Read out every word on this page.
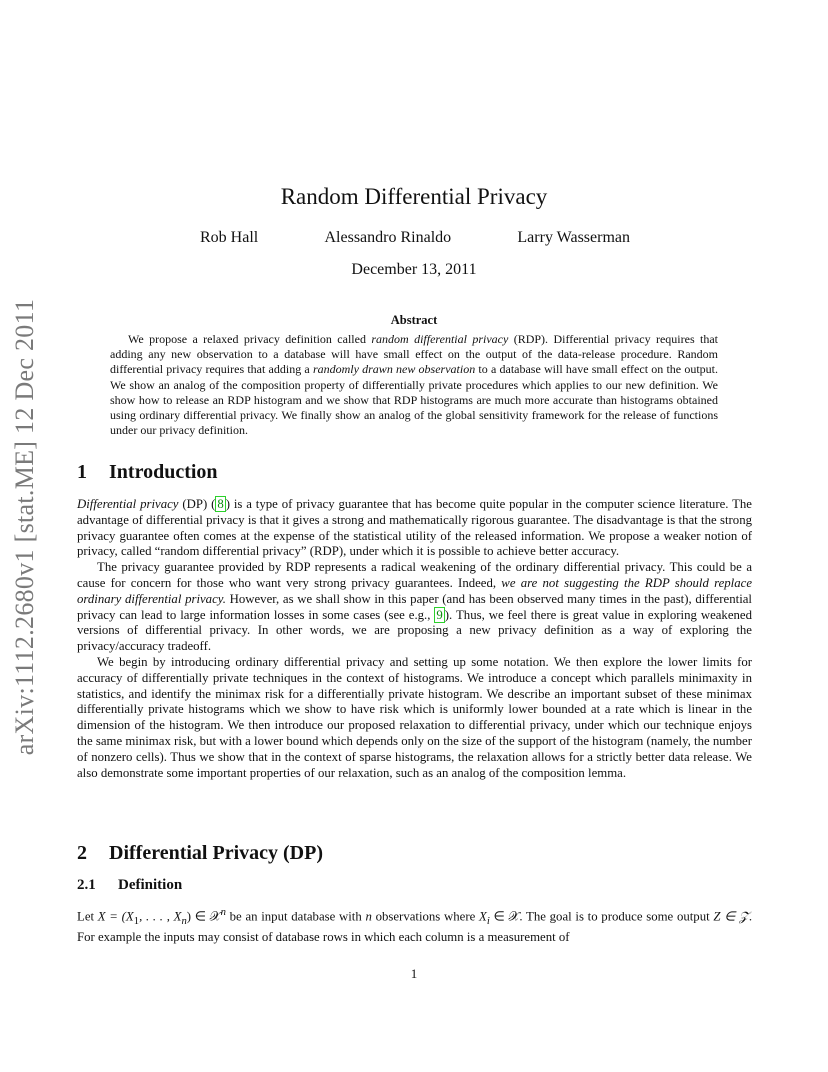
arXiv:1112.2680v1 [stat.ME] 12 Dec 2011
Random Differential Privacy
Rob Hall	Alessandro Rinaldo	Larry Wasserman
December 13, 2011
Abstract

We propose a relaxed privacy definition called random differential privacy (RDP). Differential privacy requires that adding any new observation to a database will have small effect on the output of the data-release procedure. Random differential privacy requires that adding a randomly drawn new observation to a database will have small effect on the output. We show an analog of the composition property of differentially private procedures which applies to our new definition. We show how to release an RDP histogram and we show that RDP histograms are much more accurate than histograms obtained using ordinary differential privacy. We finally show an analog of the global sensitivity framework for the release of functions under our privacy definition.

1 Introduction

Differential privacy (DP) ( 8 ) is a type of privacy guarantee that has become quite popular in the computer science literature. The advantage of differential privacy is that it gives a strong and mathematically rigorous guarantee. The disadvantage is that the strong privacy guarantee often comes at the expense of the statistical utility of the released information. We propose a weaker notion of privacy, called “random differential privacy” (RDP), under which it is possible to achieve better accuracy.

The privacy guarantee provided by RDP represents a radical weakening of the ordinary differential privacy. This could be a cause for concern for those who want very strong privacy guarantees. Indeed, we are not suggesting the RDP should replace ordinary differential privacy. However, as we shall show in this paper (and has been observed many times in the past), differential privacy can lead to large information losses in some cases (see e.g., 9 ). Thus, we feel there is great value in exploring weakened versions of differential privacy. In other words, we are proposing a new privacy definition as a way of exploring the privacy/accuracy tradeoff.

We begin by introducing ordinary differential privacy and setting up some notation. We then explore the lower limits for accuracy of differentially private techniques in the context of histograms. We introduce a concept which parallels minimaxity in statistics, and identify the minimax risk for a differentially private histogram. We describe an important subset of these minimax differentially private histograms which we show to have risk which is uniformly lower bounded at a rate which is linear in the dimension of the histogram. We then introduce our proposed relaxation to differential privacy, under which our technique enjoys the same minimax risk, but with a lower bound which depends only on the size of the support of the histogram (namely, the number of nonzero cells). Thus we show that in the context of sparse histograms, the relaxation allows for a strictly better data release. We also demonstrate some important properties of our relaxation, such as an analog of the composition lemma.

2 Differential Privacy (DP)
2.1 Definition

Let $X = (X_1$, . . . , $X_n$) ∈ 𝒳$^n$ be an input database with n observations where $X_i$ ∈ 𝒳. The goal is to produce some output Z ∈ 𝒵. For example the inputs may consist of database rows in which each column is a measurement of

1
